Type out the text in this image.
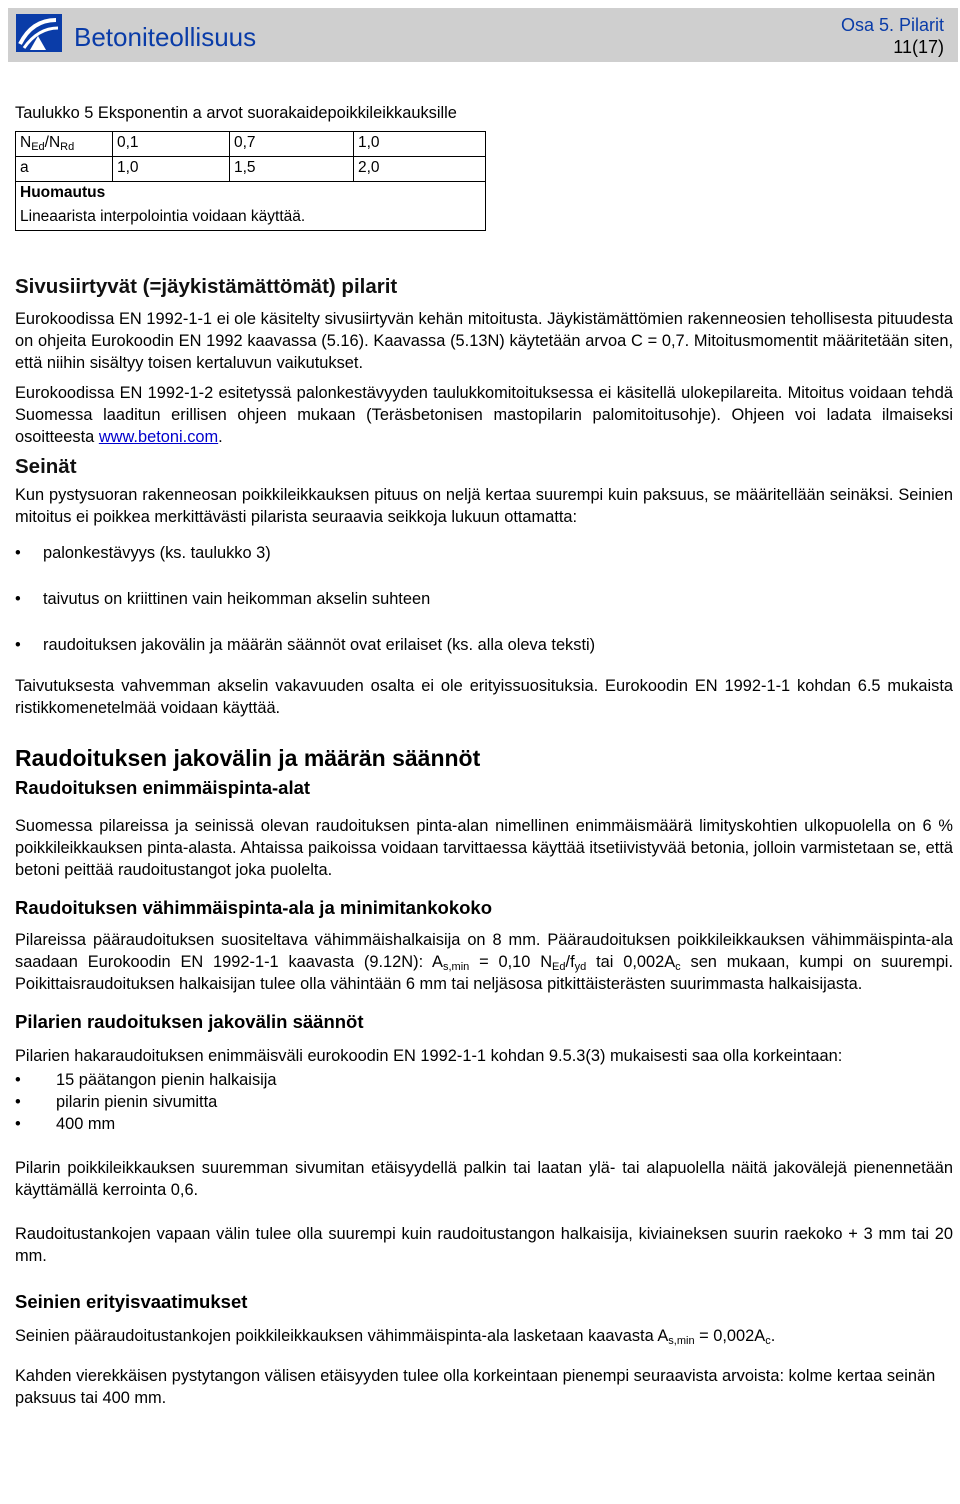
Betoniteollisuus	Osa 5. Pilarit
11(17)

Taulukko 5 Eksponentin a arvot suorakaidepoikkileikkauksille

$N_{Ed}/N_{Rd}$	0,1	0,7	1,0
a	1,0	1,5	2,0
Huomautus			
Lineaarista interpolointia voidaan käyttää.			
Sivusiirtyvät (=jäykistämättömät) pilarit

Eurokoodissa EN 1992-1-1 ei ole käsitelty sivusiirtyvän kehän mitoitusta. Jäykistämättömien rakenneosien tehollisesta pituudesta on ohjeita Eurokoodin EN 1992 kaavassa (5.16). Kaavassa (5.13N) käytetään arvoa C = 0,7. Mitoitusmomentit määritetään siten, että niihin sisältyy toisen kertaluvun vaikutukset.

Eurokoodissa EN 1992-1-2 esitetyssä palonkestävyyden taulukkomitoituksessa ei käsitellä ulokepilareita. Mitoitus voidaan tehdä Suomessa laaditun erillisen ohjeen mukaan (Teräsbetonisen mastopilarin palomitoitusohje). Ohjeen voi ladata ilmaiseksi osoitteesta www.betoni.com.

Seinät

Kun pystysuoran rakenneosan poikkileikkauksen pituus on neljä kertaa suurempi kuin paksuus, se määritellään seinäksi. Seinien mitoitus ei poikkea merkittävästi pilarista seuraavia seikkoja lukuun ottamatta:

• palonkestävyys (ks. taulukko 3)
• taivutus on kriittinen vain heikomman akselin suhteen
• raudoituksen jakovälin ja määrän säännöt ovat erilaiset (ks. alla oleva teksti)

Taivutuksesta vahvemman akselin vakavuuden osalta ei ole erityissuosituksia. Eurokoodin EN 1992-1-1 kohdan 6.5 mukaista ristikkomenetelmää voidaan käyttää.

Raudoituksen jakovälin ja määrän säännöt
Raudoituksen enimmäispinta-alat

Suomessa pilareissa ja seinissä olevan raudoituksen pinta-alan nimellinen enimmäismäärä limityskohtien ulkopuolella on 6 % poikkileikkauksen pinta-alasta. Ahtaissa paikoissa voidaan tarvittaessa käyttää itsetiivistyvää betonia, jolloin varmistetaan se, että betoni peittää raudoitustangot joka puolelta.

Raudoituksen vähimmäispinta-ala ja minimitankokoko

Pilareissa pääraudoituksen suositeltava vähimmäishalkaisija on 8 mm. Pääraudoituksen poikkileikkauksen vähimmäispinta-ala saadaan Eurokoodin EN 1992-1-1 kaavasta (9.12N): $A_{s,min} = 0,10$ $N_{Ed}/f_{yd}$ tai $0,002A_c$ sen mukaan, kumpi on suurempi. Poikittaisraudoituksen halkaisijan tulee olla vähintään 6 mm tai neljäsosa pitkittäisterästen suurimmasta halkaisijasta.

Pilarien raudoituksen jakovälin säännöt

Pilarien hakaraudoituksen enimmäisväli eurokoodin EN 1992-1-1 kohdan 9.5.3(3) mukaisesti saa olla korkeintaan:

• 15 päätangon pienin halkaisija
• pilarin pienin sivumitta
• 400 mm

Pilarin poikkileikkauksen suuremman sivumitan etäisyydellä palkin tai laatan ylä- tai alapuolella näitä jakovälejä pienennetään käyttämällä kerrointa 0,6.

Raudoitustankojen vapaan välin tulee olla suurempi kuin raudoitustangon halkaisija, kiviaineksen suurin raekoko + 3 mm tai 20 mm.

Seinien erityisvaatimukset

Seinien pääraudoitustankojen poikkileikkauksen vähimmäispinta-ala lasketaan kaavasta $A_{s,min} = 0,002A_c$.

Kahden vierekkäisen pystytangon välisen etäisyyden tulee olla korkeintaan pienempi seuraavista arvoista: kolme kertaa seinän paksuus tai 400 mm.
